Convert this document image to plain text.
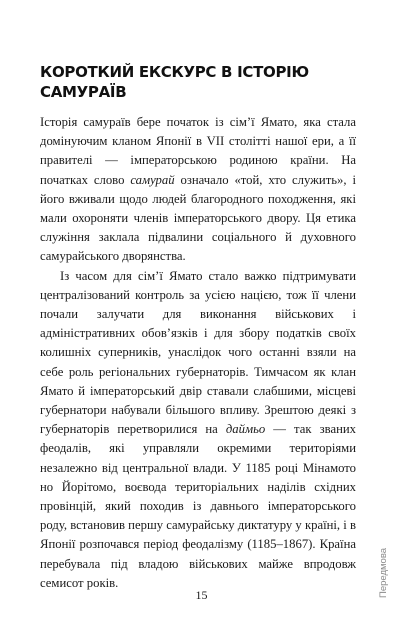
КОРОТКИЙ ЕКСКУРС В ІСТОРІЮ САМУРАЇВ

Історія самураїв бере початок із сім’ї Ямато, яка стала домінуючим кланом Японії в VII столітті нашої ери, а її правителі — імператорською родиною країни. На початках слово самурай означало «той, хто служить», і його вживали щодо людей благородного походження, які мали охороняти членів імператорського двору. Ця етика служіння заклала підвалини соціального й духовного самурайського дворянства.

Із часом для сім’ї Ямато стало важко підтримувати централізований контроль за усією нацією, тож її члени почали залучати для виконання військових і адміністративних обов’язків і для збору податків своїх колишніх суперників, унаслідок чого останні взяли на себе роль регіональних губернаторів. Тимчасом як клан Ямато й імператорський двір ставали слабшими, місцеві губернатори набували більшого впливу. Зрештою деякі з губернаторів перетворилися на даймьо — так званих феодалів, які управляли окремими територіями незалежно від центральної влади. У 1185 році Мінамото но Йорітомо, воєвода територіальних наділів східних провінцій, який походив із давнього імператорського роду, встановив першу самурайську диктатуру у країні, і в Японії розпочався період феодалізму (1185–1867). Країна перебувала під владою військових майже впродовж семисот років.

15	Передмова
